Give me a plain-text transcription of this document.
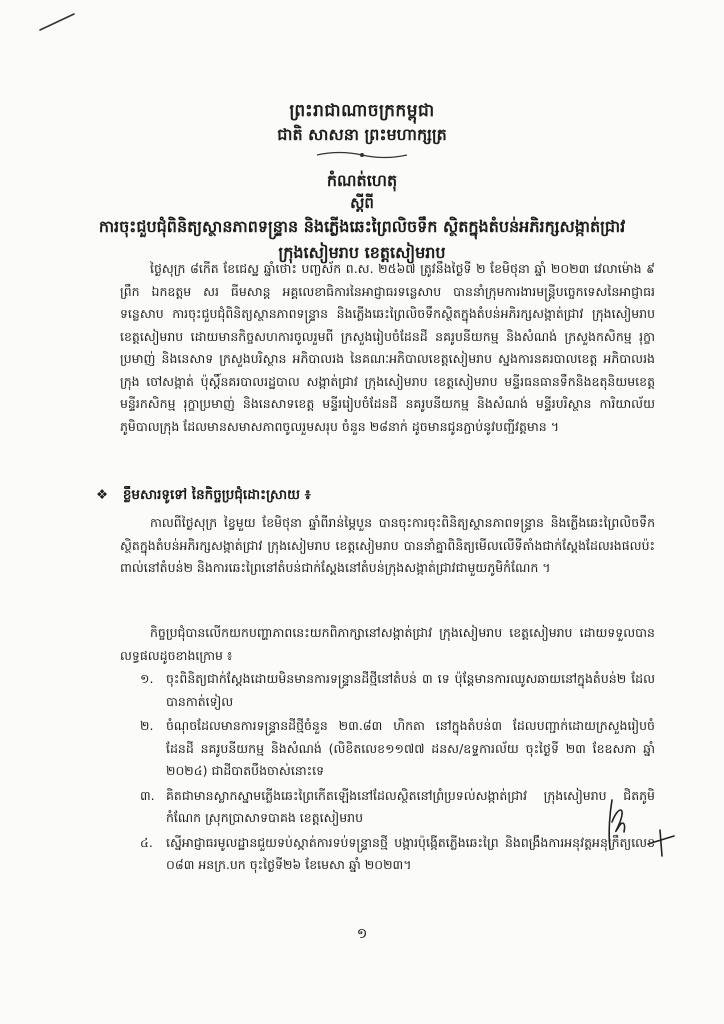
ព្រះរាជាណាចក្រកម្ពុជា
ជាតិ សាសនា ព្រះមហាក្សត្រ
កំណត់ហេតុ
ស្តីពី
ការចុះជួបជុំពិនិត្យស្ថានភាពទន្ទ្រាន និងភ្លើងឆេះព្រៃលិចទឹក ស្ថិតក្នុងតំបន់អភិរក្សសង្កាត់ជ្រាវ ក្រុងសៀមរាប ខេត្តសៀមរាប
ថ្ងៃសុក្រ ៨កើត ខែជេស្ឋ ឆ្នាំថោះ បញ្ចស័ក ព.ស. ២៥៦៧ ត្រូវនឹងថ្ងៃទី ២ ខែមិថុនា ឆ្នាំ ២០២៣ វេលាម៉ោង ៩ ព្រឹក ឯកឧត្តម សរ ធីមសាន្ត អគ្គលេខាធិការនៃអាជ្ញាធរទន្លេសាប បាននាំក្រុមការងារមន្ត្រីបច្ចេកទេសនៃអាជ្ញាធរទន្លេសាប ការចុះជួបជុំពិនិត្យស្ថានភាពទន្ទ្រាន និងភ្លើងឆេះព្រៃលិចទឹកស្ថិតក្នុងតំបន់អភិរក្សសង្កាត់ជ្រាវ ក្រុងសៀមរាប ខេត្តសៀមរាប ដោយមានកិច្ចសហការចូលរួមពី ក្រសួងរៀបចំដែនដី នគរូបនីយកម្ម និងសំណង់ ក្រសួងកសិកម្ម រុក្ខាប្រមាញ់ និងនេសាទ ក្រសួងបរិស្ថាន អភិបាលរង នៃគណៈអភិបាលខេត្តសៀមរាប ស្នងការនគរបាលខេត្ត អភិបាលរងក្រុង ចៅសង្កាត់ ប៉ុស្តិ៍នគរបាលរដ្ឋបាល សង្កាត់ជ្រាវ ក្រុងសៀមរាប ខេត្តសៀមរាប មន្ទីរធនធានទឹកនិងឧតុនិយមខេត្ត មន្ទីរកសិកម្ម រុក្ខាប្រមាញ់ និងនេសាទខេត្ត មន្ទីររៀបចំដែនដី នគរូបនីយកម្ម និងសំណង់ មន្ទីរបរិស្ថាន ការិយាល័យភូមិបាលក្រុង ដែលមានសមាសភាពចូលរួមសរុប ចំនួន ២៨នាក់ ដូចមានជូនភ្ជាប់នូវបញ្ជីវត្តមាន ។
❖ ខ្លឹមសារទូទៅ នៃកិច្ចប្រជុំដោះស្រាយ ៖
កាលពីថ្ងៃសុក្រ ខ្វៃមួយ ខែមិថុនា ឆ្នាំពីរាន់ម្ភៃបួន បានចុះការចុះពិនិត្យស្ថានភាពទន្ទ្រាន និងភ្លើងឆេះព្រៃលិចទឹកស្ថិតក្នុងតំបន់អភិរក្សសង្កាត់ជ្រាវ ក្រុងសៀមរាប ខេត្តសៀមរាប បាននាំគ្នាពិនិត្យមើលលើទីតាំងជាក់ស្តែងដែលរងផលប៉ះពាល់នៅតំបន់២ និងការឆេះព្រៃនៅតំបន់ជាក់ស្តែងនៅតំបន់ក្រុងសង្កាត់ជ្រាវជាមួយភូមិកំណែក ។
កិច្ចប្រជុំបានលើកយកបញ្ហាភាពនេះយកពិភាក្សានៅសង្កាត់ជ្រាវ ក្រុងសៀមរាប ខេត្តសៀមរាប ដោយទទួលបានលទ្ធផលដូចខាងក្រោម ៖
១.	ចុះពិនិត្យជាក់ស្តែងដោយមិនមានការទន្ទ្រានដីថ្មីនៅតំបន់ ៣ ទេ ប៉ុន្តែមានការឈូសឆាយនៅក្នុងតំបន់២ ដែលបានកាត់ទៀល
២.	ចំណុចដែលមានការទន្ទ្រានដីថ្មីចំនួន ២៣.៨៣ ហិកតា នៅក្នុងតំបន់៣ ដែលបញ្ជាក់ដោយក្រសួងរៀបចំដែនដី នគរូបនីយកម្ម និងសំណង់ (លិខិតលេខ១១៧៧ ដនស/ឧទ្ទការល័យ ចុះថ្ងៃទី ២៣ ខែឧសភា ឆ្នាំ ២០២៤) ជាដីបាតបឹងចាស់នោះទេ
៣. គិតជាមានស្លាកស្នាមភ្លើងឆេះព្រៃកើតឡើងនៅដែលស្ថិតនៅព្រំប្រទល់សង្កាត់ជ្រាវ ក្រុងសៀមរាប ជិតភូមិកំណែក ស្រុកប្រាសាទបាគង ខេត្តសៀមរាប
៤.	ស្នើអាជ្ញាធរមូលដ្ឋានជួយទប់ស្កាត់ការទប់ទន្ទ្រានថ្មី បង្ការប៉ុង្កើតភ្លើងឆេះព្រៃ និងពង្រឹងការអនុវត្តអនុក្រឹត្យលេខ ០៨៣ អនក្រ.បក ចុះថ្ងៃទី២៦ ខែមេសា ឆ្នាំ ២០២៣។
១
